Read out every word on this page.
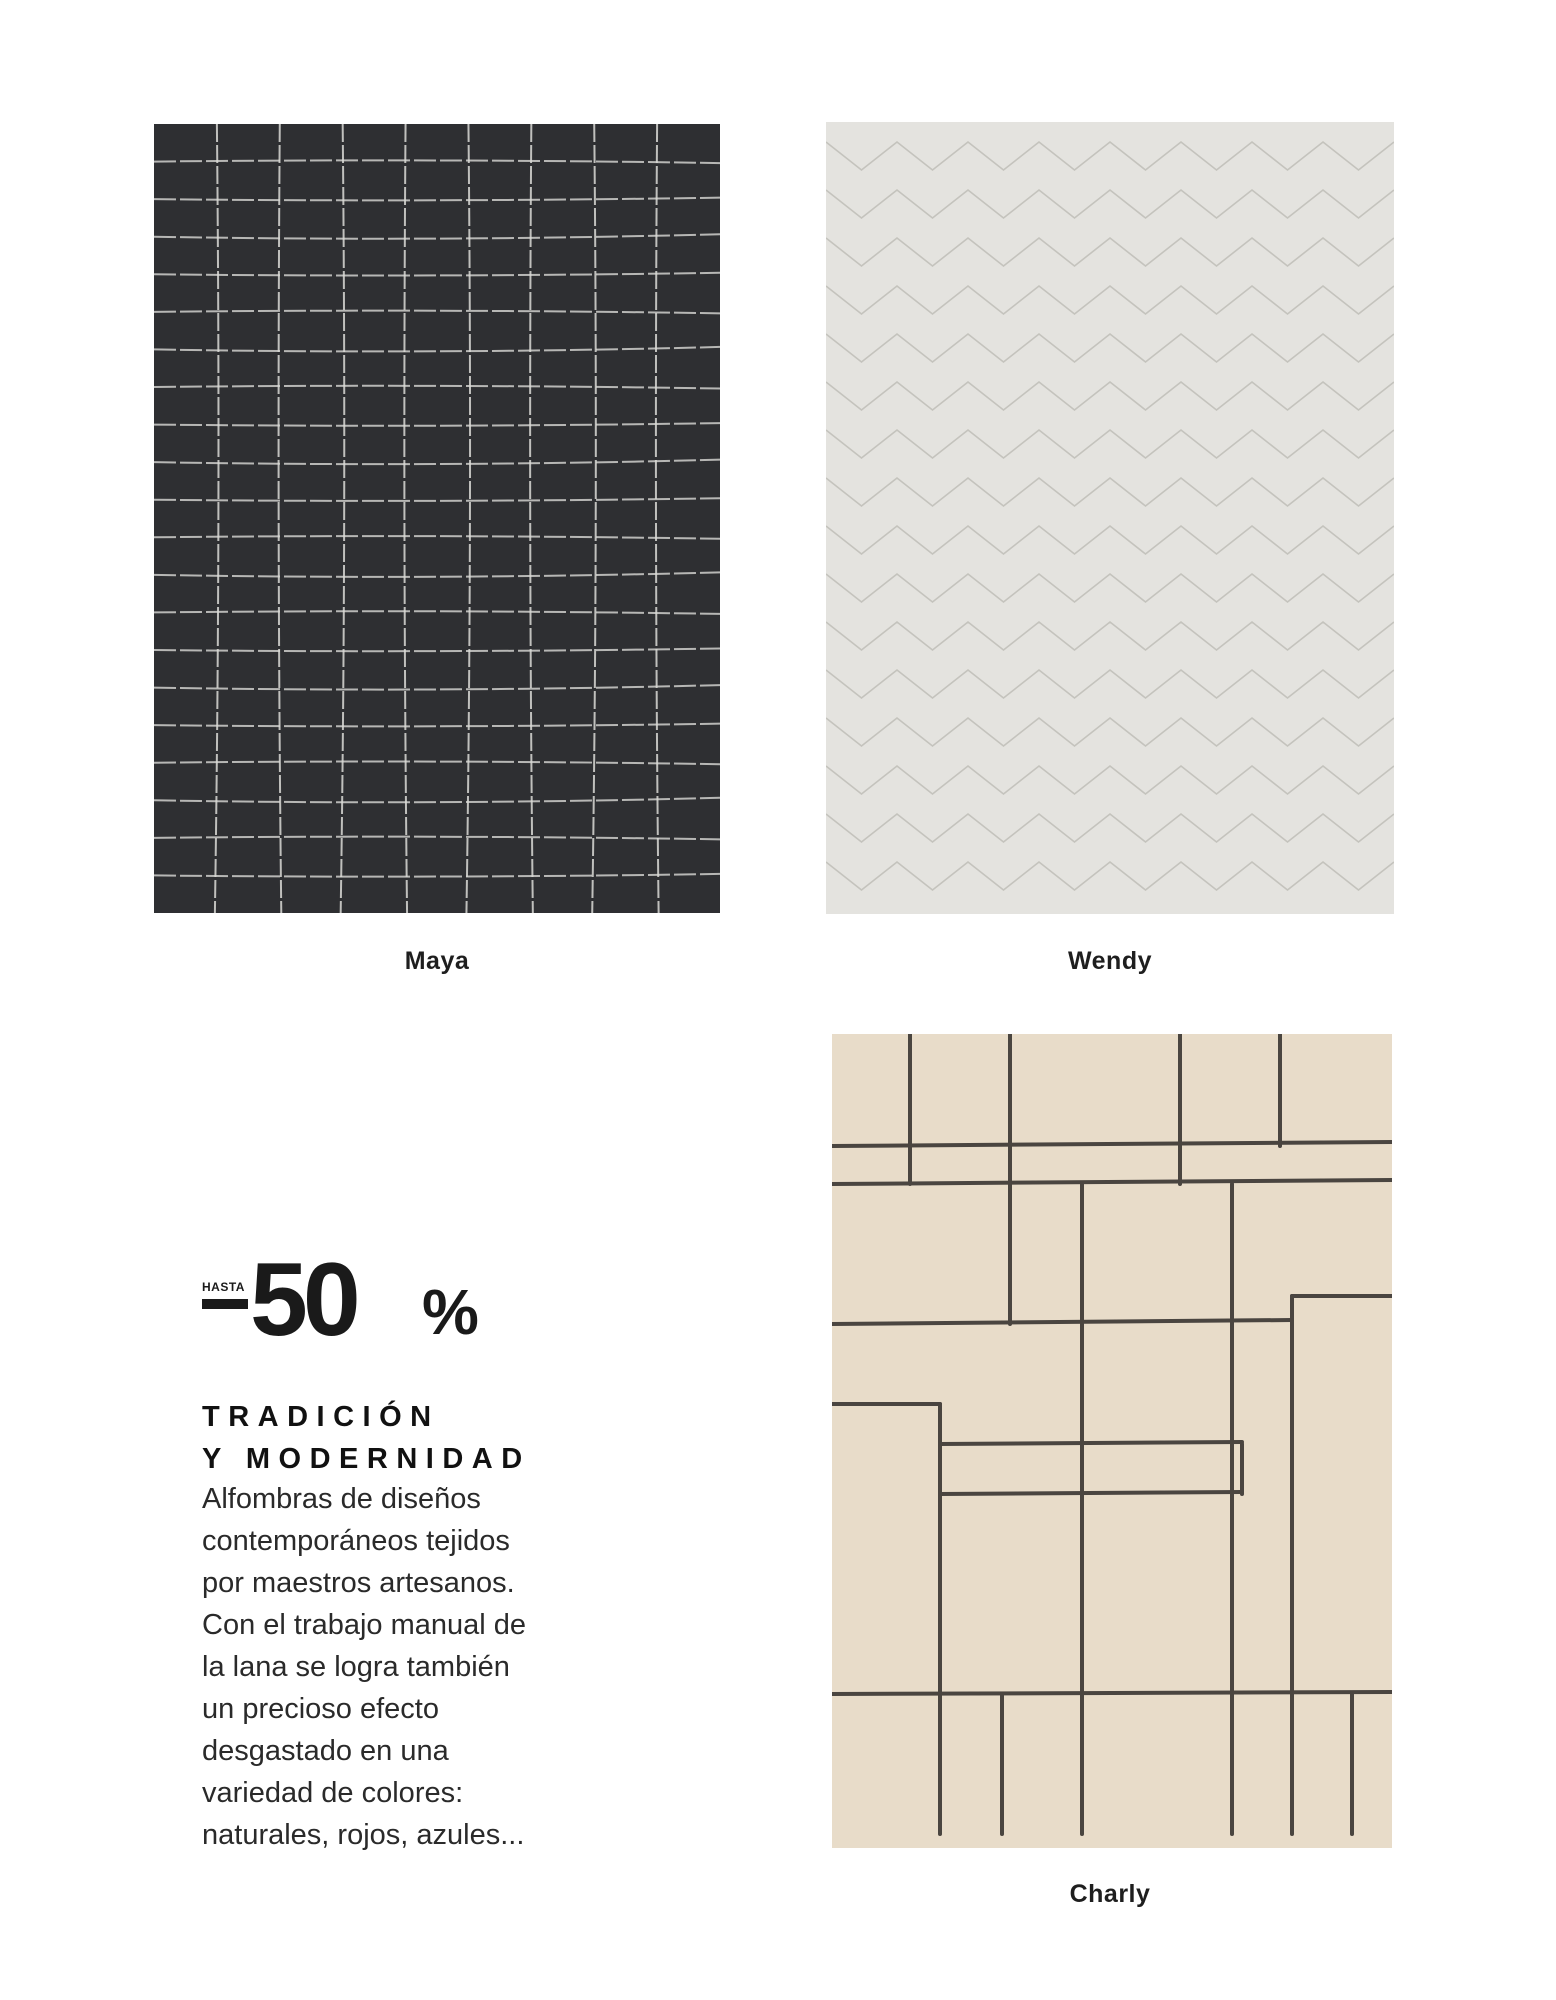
Maya	Wendy
Charly
HASTA 50 %
TRADICIÓN
Y MODERNIDAD
Alfombras de diseños
contemporáneos tejidos
por maestros artesanos.
Con el trabajo manual de
la lana se logra también
un precioso efecto
desgastado en una
variedad de colores:
naturales, rojos, azules...
